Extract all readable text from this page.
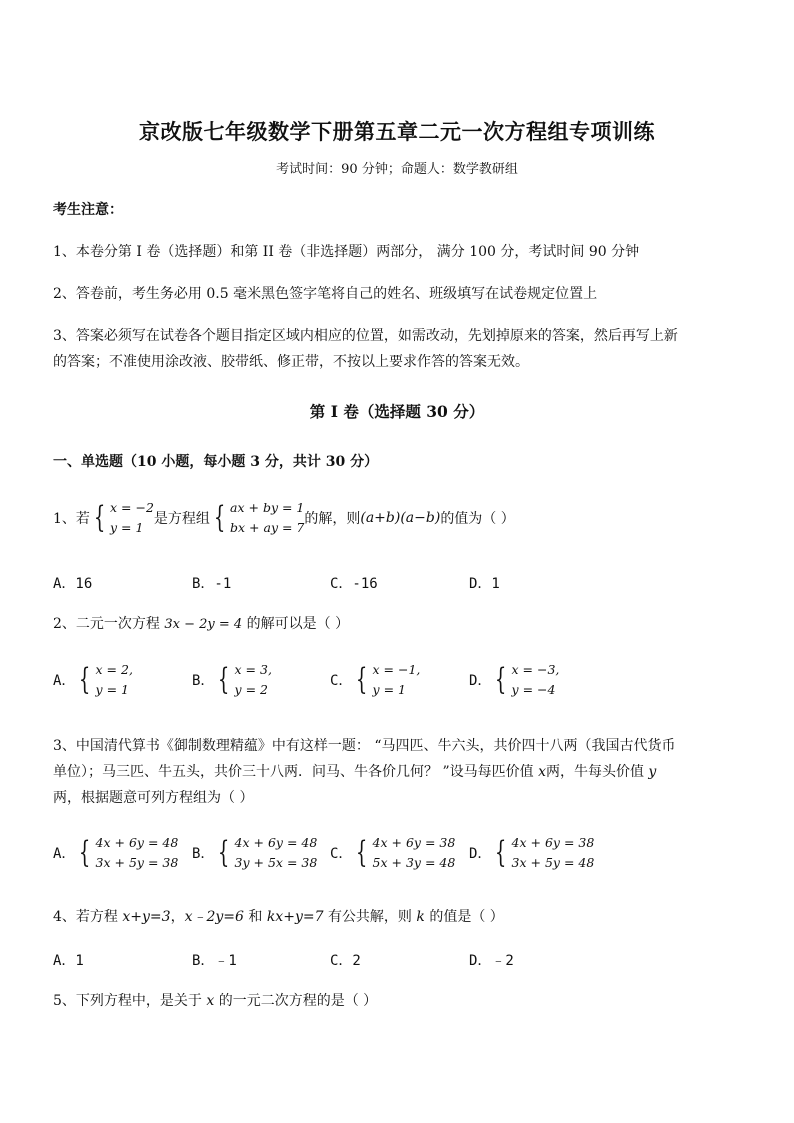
京改版七年级数学下册第五章二元一次方程组专项训练
考试时间：90 分钟；命题人：数学教研组
考生注意：
1、本卷分第 I 卷（选择题）和第 II 卷（非选择题）两部分， 满分 100 分，考试时间 90 分钟
2、答卷前，考生务必用 0.5 毫米黑色签字笔将自己的姓名、班级填写在试卷规定位置上
3、答案必须写在试卷各个题目指定区域内相应的位置，如需改动，先划掉原来的答案，然后再写上新
的答案；不准使用涂改液、胶带纸、修正带，不按以上要求作答的答案无效。
第 I 卷（选择题 30 分）
一、单选题（10 小题，每小题 3 分，共计 30 分）
1、若 { x = −2
y = 1
是方程组 { ax + by = 1
bx + ay = 7
的解，则 (a+b)(a−b) 的值为（ ）
A．16	B．-1	C．-16	D．1
2、二元一次方程 3x − 2y = 4 的解可以是（ ）
A． { x = 2,
y = 1
B． { x = 3,
y = 2
C． { x = −1,
y = 1
D． { x = −3,
y = −4
3、中国清代算书《御制数理精蕴》中有这样一题： “马四匹、牛六头，共价四十八两（我国古代货币
单位）；马三匹、牛五头，共价三十八两．问马、牛各价几何？ ”设马每匹价值 x两，牛每头价值 y
两，根据题意可列方程组为（ ）
A． { 4x + 6y = 48
3x + 5y = 38
B． { 4x + 6y = 48
3y + 5x = 38
C． { 4x + 6y = 38
5x + 3y = 48
D． { 4x + 6y = 38
3x + 5y = 48
4、若方程 x+y=3，x﹣2y=6 和 kx+y=7 有公共解，则 k 的值是（ ）
A．1	B．﹣1	C．2	D．﹣2
5、下列方程中，是关于 x 的一元二次方程的是（ ）
